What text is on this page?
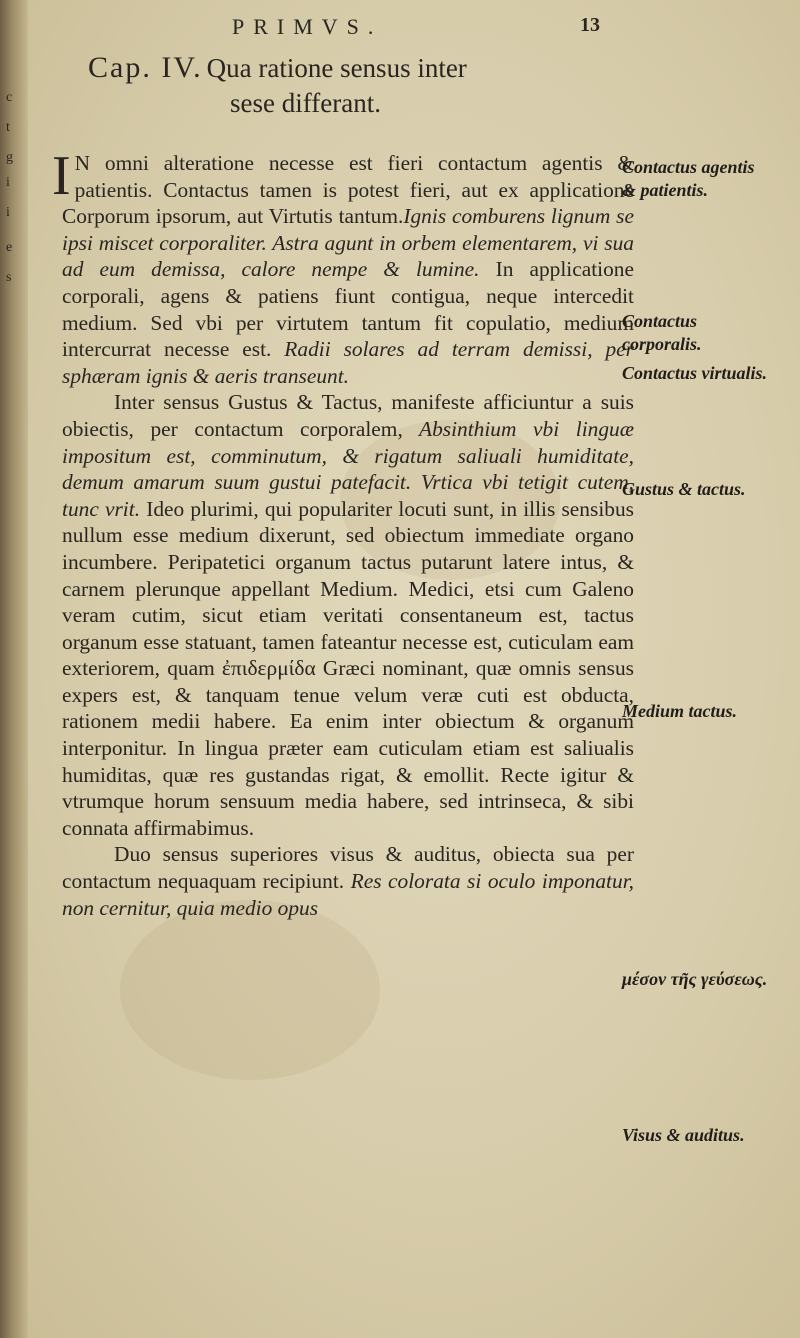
c
t
g
i
i
e
s
PRIMVS.	13
Cap. IV. Qua ratione sensus inter
sese differant.

I N omni alteratione necesse est fieri contactum agentis & patientis. Contactus tamen is potest fieri, aut ex applicatione Corporum ipsorum, aut Virtutis tantum.Ignis comburens lignum se ipsi miscet corporaliter. Astra agunt in orbem elementarem, vi sua ad eum demissa, calore nempe & lumine. In applicatione corporali, agens & patiens fiunt contigua, neque intercedit medium. Sed vbi per virtutem tantum fit copulatio, medium intercurrat necesse est. Radii solares ad terram demissi, per sphæram ignis & aeris transeunt.

Inter sensus Gustus & Tactus, manifeste afficiuntur a suis obiectis, per contactum corporalem, Absinthium vbi linguæ impositum est, comminutum, & rigatum saliuali humiditate, demum amarum suum gustui patefacit. Vrtica vbi tetigit cutem, tunc vrit. Ideo plurimi, qui populariter locuti sunt, in illis sensibus nullum esse medium dixerunt, sed obiectum immediate organo incumbere. Peripatetici organum tactus putarunt latere intus, & carnem plerunque appellant Medium. Medici, etsi cum Galeno veram cutim, sicut etiam veritati consentaneum est, tactus organum esse statuant, tamen fateantur necesse est, cuticulam eam exteriorem, quam ἐπιδερμίδα Græci nominant, quæ omnis sensus expers est, & tanquam tenue velum veræ cuti est obducta, rationem medii habere. Ea enim inter obiectum & organum interponitur. In lingua præter eam cuticulam etiam est saliualis humiditas, quæ res gustandas rigat, & emollit. Recte igitur & vtrumque horum sensuum media habere, sed intrinseca, & sibi connata affirmabimus.

Duo sensus superiores visus & auditus, obiecta sua per contactum nequaquam recipiunt. Res colorata si oculo imponatur, non cernitur, quia medio opus

Contactus agentis & patientis.
Contactus corporalis.
Contactus virtualis.
Gustus & tactus.
Medium tactus.
μέσον τῆς γεύσεως.
Visus & auditus.
